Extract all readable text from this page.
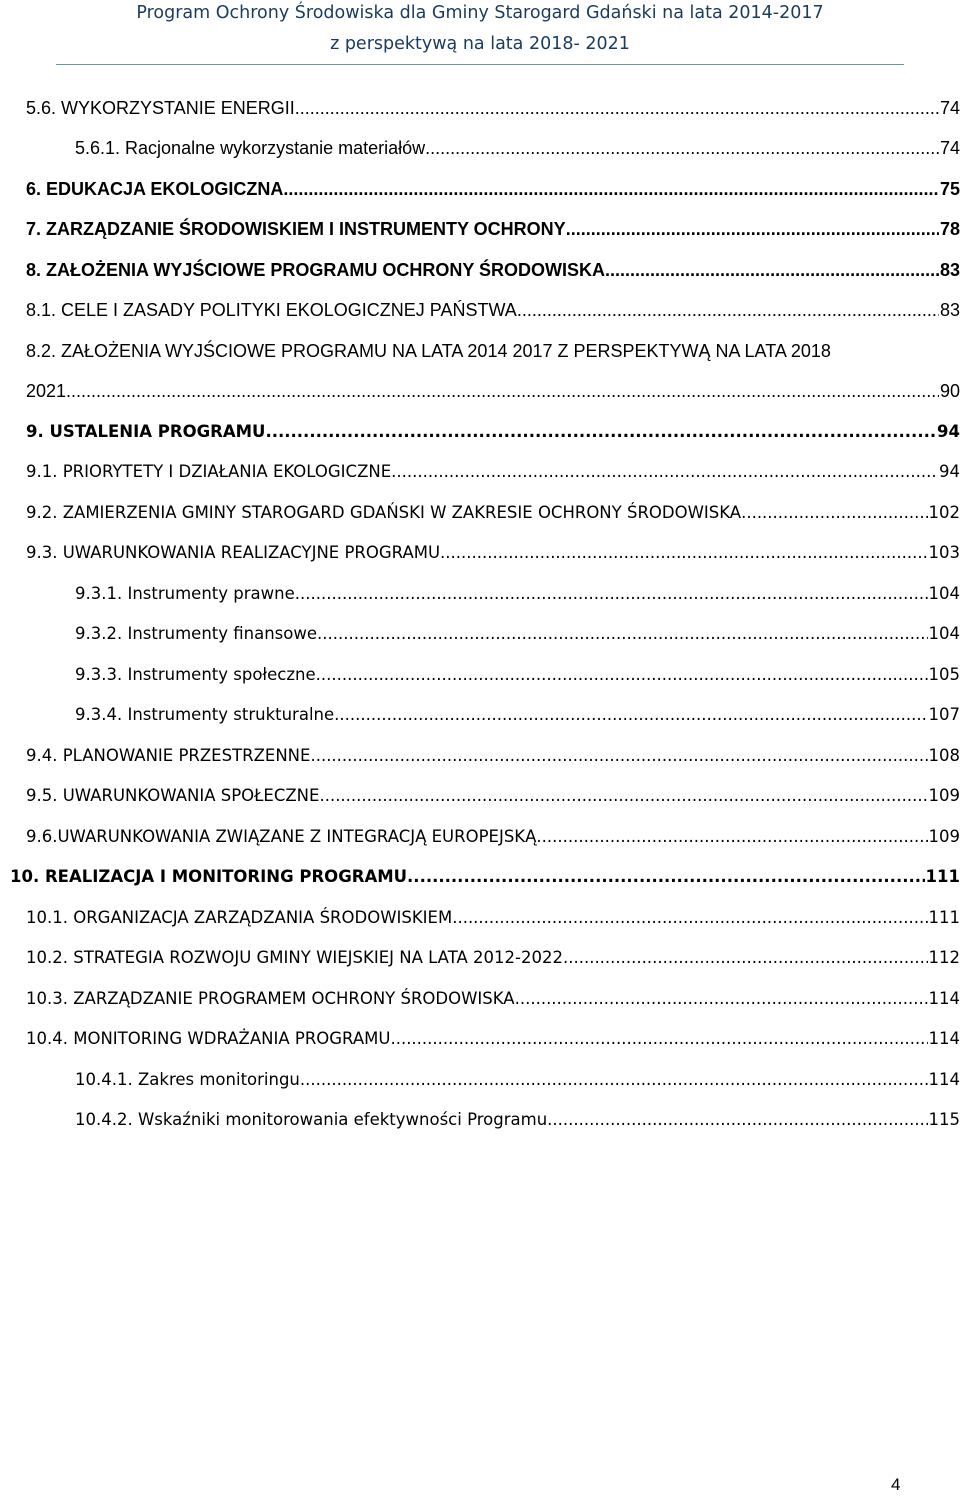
Program Ochrony Środowiska dla Gminy Starogard Gdański na lata 2014-2017
z perspektywą na lata 2018- 2021
5.6. WYKORZYSTANIE ENERGII .....	74
5.6.1. Racjonalne wykorzystanie materiałów .....	74
6. EDUKACJA EKOLOGICZNA .....	75
7. ZARZĄDZANIE ŚRODOWISKIEM I INSTRUMENTY OCHRONY .....	78
8. ZAŁOŻENIA WYJŚCIOWE PROGRAMU OCHRONY ŚRODOWISKA .....	83
8.1. CELE I ZASADY POLITYKI EKOLOGICZNEJ PAŃSTWA .....	83
8.2. ZAŁOŻENIA WYJŚCIOWE PROGRAMU NA LATA 2014 2017 Z PERSPEKTYWĄ NA LATA 2018
2021. .....	90
9. USTALENIA PROGRAMU .....	94
9.1. PRIORYTETY I DZIAŁANIA EKOLOGICZNE .....	94
9.2. ZAMIERZENIA GMINY STAROGARD GDAŃSKI W ZAKRESIE OCHRONY ŚRODOWISKA .....	102
9.3. UWARUNKOWANIA REALIZACYJNE PROGRAMU .....	103
9.3.1. Instrumenty prawne .....	104
9.3.2. Instrumenty finansowe .....	104
9.3.3. Instrumenty społeczne .....	105
9.3.4. Instrumenty strukturalne .....	107
9.4. PLANOWANIE PRZESTRZENNE .....	108
9.5. UWARUNKOWANIA SPOŁECZNE .....	109
9.6.UWARUNKOWANIA ZWIĄZANE Z INTEGRACJĄ EUROPEJSKĄ .....	109
10. REALIZACJA I MONITORING PROGRAMU .....	111
10.1. ORGANIZACJA ZARZĄDZANIA ŚRODOWISKIEM .....	111
10.2. STRATEGIA ROZWOJU GMINY WIEJSKIEJ NA LATA 2012-2022 .....	112
10.3. ZARZĄDZANIE PROGRAMEM OCHRONY ŚRODOWISKA .....	114
10.4. MONITORING WDRAŻANIA PROGRAMU .....	114
10.4.1. Zakres monitoringu .....	114
10.4.2. Wskaźniki monitorowania efektywności Programu .....	115
4
